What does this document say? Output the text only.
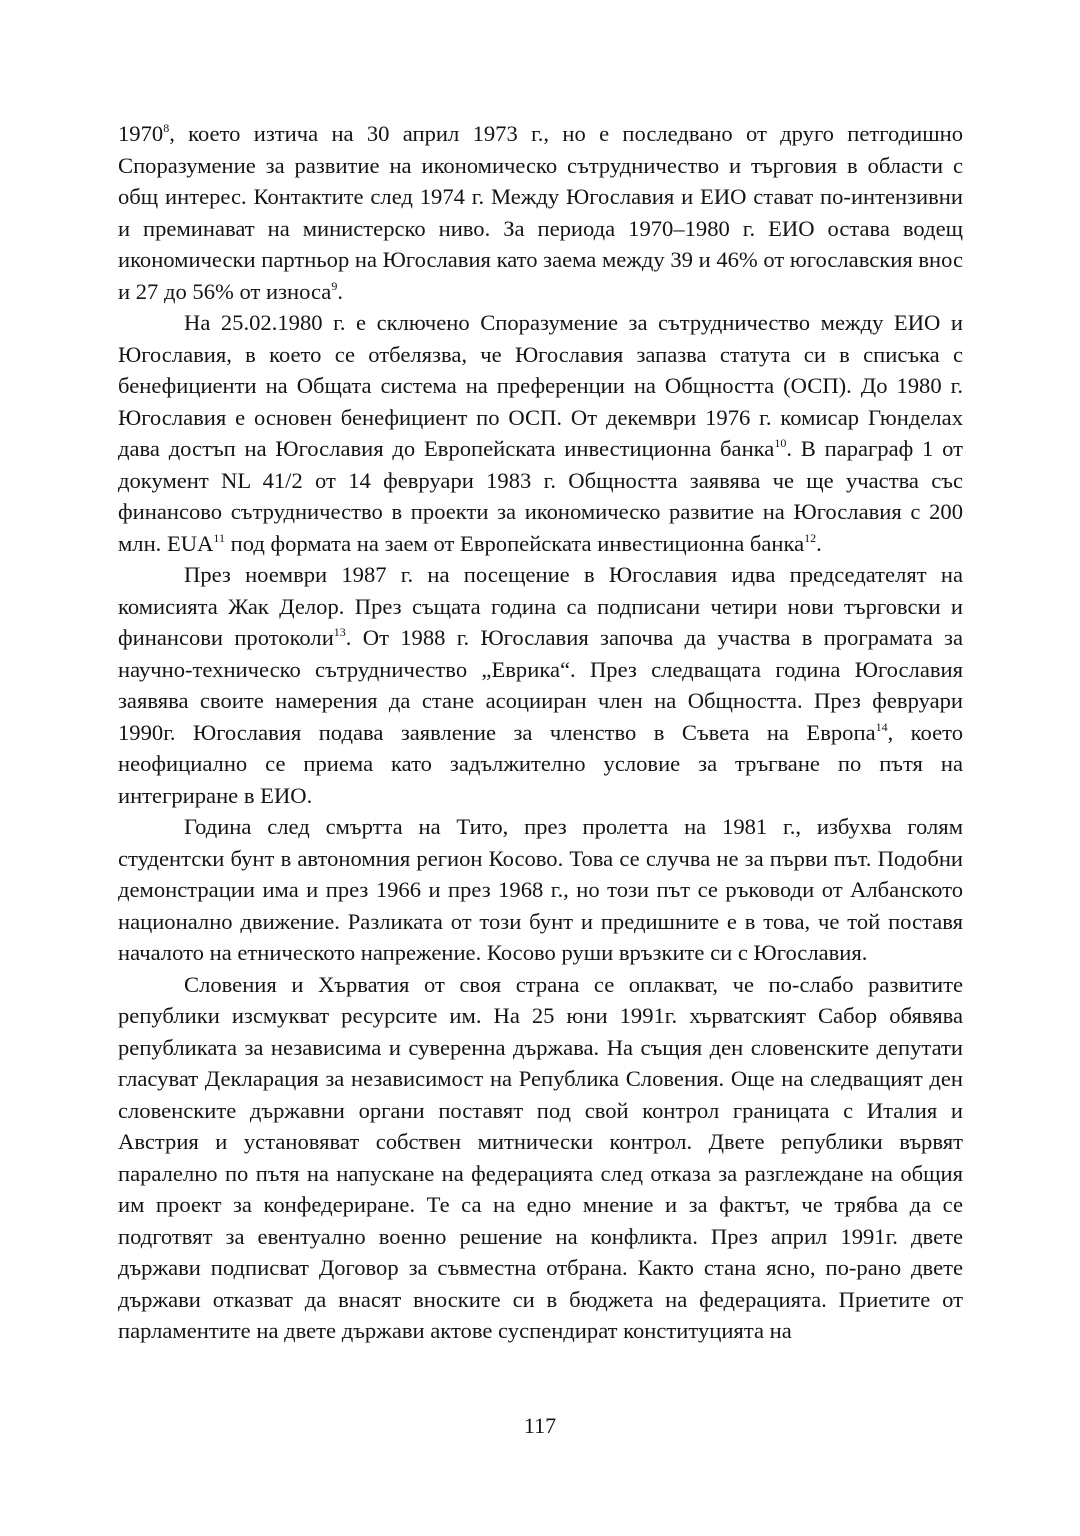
1970$^8$, което изтича на 30 април 1973 г., но е последвано от друго петгодишно Споразумение за развитие на икономическо сътрудничество и търговия в области с общ интерес. Контактите след 1974 г. Между Югославия и ЕИО стават по-интензивни и преминават на министерско ниво. За периода 1970–1980 г. ЕИО остава водещ икономически партньор на Югославия като заема между 39 и 46% от югославския внос и 27 до 56% от износа$^9$.

На 25.02.1980 г. е сключено Споразумение за сътрудничество между ЕИО и Югославия, в което се отбелязва, че Югославия запазва статута си в списъка с бенефициенти на Общата система на преференции на Общността (ОСП). До 1980 г. Югославия е основен бенефициент по ОСП. От декември 1976 г. комисар Гюнделах дава достъп на Югославия до Европейската инвестиционна банка$^{10}$. В параграф 1 от документ NL 41/2 от 14 февруари 1983 г. Общността заявява че ще участва със финансово сътрудничество в проекти за икономическо развитие на Югославия с 200 млн. EUA$^{11}$ под формата на заем от Европейската инвестиционна банка$^{12}$.

През ноември 1987 г. на посещение в Югославия идва председателят на комисията Жак Делор. През същата година са подписани четири нови търговски и финансови протоколи$^{13}$. От 1988 г. Югославия започва да участва в програмата за научно-техническо сътрудничество „Еврика“. През следващата година Югославия заявява своите намерения да стане асоцииран член на Общността. През февруари 1990г. Югославия подава заявление за членство в Съвета на Европа$^{14}$, което неофициално се приема като задължително условие за тръгване по пътя на интегриране в ЕИО.

Година след смъртта на Тито, през пролетта на 1981 г., избухва голям студентски бунт в автономния регион Косово. Това се случва не за първи път. Подобни демонстрации има и през 1966 и през 1968 г., но този път се ръководи от Албанското национално движение. Разликата от този бунт и предишните е в това, че той поставя началото на етническото напрежение. Косово руши връзките си с Югославия.

Словения и Хърватия от своя страна се оплакват, че по-слабо развитите републики изсмукват ресурсите им. На 25 юни 1991г. хърватският Сабор обявява републиката за независима и суверенна държава. На същия ден словенските депутати гласуват Декларация за независимост на Република Словения. Още на следващият ден словенските държавни органи поставят под свой контрол границата с Италия и Австрия и установяват собствен митнически контрол. Двете републики вървят паралелно по пътя на напускане на федерацията след отказа за разглеждане на общия им проект за конфедериране. Те са на едно мнение и за фактът, че трябва да се подготвят за евентуално военно решение на конфликта. През април 1991г. двете държави подписват Договор за съвместна отбрана. Както стана ясно, по-рано двете държави отказват да внасят вноските си в бюджета на федерацията. Приетите от парламентите на двете държави актове суспендират конституцията на

117
